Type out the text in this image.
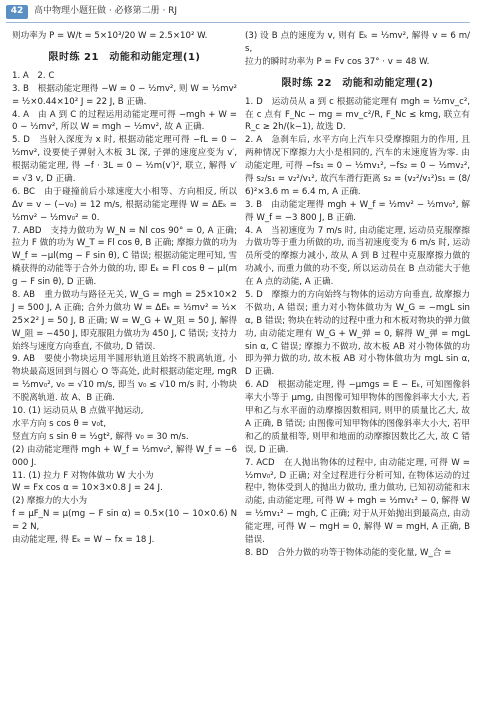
42	高中物理小题狂做 · 必修第二册 · RJ

则功率为 P = W/t = 5×10³/20 W = 2.5×10² W.

限时练 21　动能和动能定理(1)

1. A　2. C

3. B　根据动能定理得 −W = 0 − ½mv², 则 W = ½mv² = ½×0.44×10² J = 22 J, B 正确.

4. A　由 A 到 C 的过程运用动能定理可得 −mgh + W = 0 − ½mv², 所以 W = mgh − ½mv², 故 A 正确.

5. D　当射入深度为 x 时, 根据动能定理可得 −fL = 0 − ½mv², 设要使子弹射入木板 3L 深, 子弹的速度应变为 v′, 根据动能定理, 得 −f · 3L = 0 − ½m(v′)², 联立, 解得 v′ = √3 v, D 正确.

6. BC　由于碰撞前后小球速度大小相等、方向相反, 所以 Δv = v − (−v₀) = 12 m/s, 根据动能定理得 W = ΔEₖ = ½mv² − ½mv₀² = 0.

7. ABD　支持力做功为 W_N = Nl cos 90° = 0, A 正确; 拉力 F 做的功为 W_T = Fl cos θ, B 正确; 摩擦力做的功为 W_f = −μl(mg − F sin θ), C 错误; 根据动能定理可知, 雪橇获得的动能等于合外力做的功, 即 Eₖ = Fl cos θ − μl(mg − F sin θ), D 正确.

8. AB　重力做功与路径无关, W_G = mgh = 25×10×2 J = 500 J, A 正确; 合外力做功 W = ΔEₖ = ½mv² = ½×25×2² J = 50 J, B 正确; W = W_G + W_阻 = 50 J, 解得 W_阻 = −450 J, 即克服阻力做功为 450 J, C 错误; 支持力始终与速度方向垂直, 不做功, D 错误.

9. AB　要使小物块运用半圆形轨道且始终不脱离轨道, 小物块最高返回到与圆心 O 等高处, 此时根据动能定理, mgR = ½mv₀², v₀ = √10 m/s, 即当 v₀ ≤ √10 m/s 时, 小物块不脱离轨道. 故 A、B 正确.

10. (1) 运动员从 B 点做平抛运动,

水平方向 s cos θ = v₀t,

竖直方向 s sin θ = ½gt², 解得 v₀ = 30 m/s.

(2) 由动能定理得 mgh + W_f = ½mv₀², 解得 W_f = −6 000 J.

11. (1) 拉力 F 对物体做功 W 大小为

W = Fx cos α = 10×3×0.8 J = 24 J.

(2) 摩擦力的大小为

f = μF_N = μ(mg − F sin α) = 0.5×(10 − 10×0.6) N = 2 N,

由动能定理, 得 Eₖ = W − fx = 18 J.

(3) 设 B 点的速度为 v, 则有 Eₖ = ½mv², 解得 v = 6 m/s,

拉力的瞬时功率为 P = Fv cos 37° · v = 48 W.

限时练 22　动能和动能定理(2)

1. D　运动员从 a 到 c 根据动能定理有 mgh = ½mv_c², 在 c 点有 F_Nc − mg = mv_c²/R, F_Nc ≤ kmg, 联立有 R_c ≥ 2h/(k−1), 故选 D.

2. A　急刹车后, 水平方向上汽车只受摩擦阻力的作用, 且两种情况下摩擦力大小是相同的, 汽车的末速度皆为零. 由动能定理, 可得 −fs₁ = 0 − ½mv₁², −fs₂ = 0 − ½mv₂², 得 s₂/s₁ = v₂²/v₁², 故汽车滑行距离 s₂ = (v₂²/v₁²)s₁ = (8/6)²×3.6 m = 6.4 m, A 正确.

3. B　由动能定理得 mgh + W_f = ½mv² − ½mv₀², 解得 W_f = −3 800 J, B 正确.

4. A　当初速度为 7 m/s 时, 由动能定理, 运动员克服摩擦力做功等于重力所做的功, 而当初速度变为 6 m/s 时, 运动员所受的摩擦力减小, 故从 A 到 B 过程中克服摩擦力做的功减小, 而重力做的功不变, 所以运动员在 B 点动能大于他在 A 点的动能, A 正确.

5. D　摩擦力的方向始终与物体的运动方向垂直, 故摩擦力不做功, A 错误; 重力对小物体做功为 W_G = −mgL sin α, B 错误; 物块在转动的过程中重力和木板对物块的弹力做功, 由动能定理有 W_G + W_弹 = 0, 解得 W_弹 = mgL sin α, C 错误; 摩擦力不做功, 故木板 AB 对小物体做的功即为弹力做的功, 故木板 AB 对小物体做功为 mgL sin α, D 正确.

6. AD　根据动能定理, 得 −μmgs = E − Eₖ, 可知图像斜率大小等于 μmg, 由图像可知甲物体的图像斜率大小大, 若甲和乙与水平面的动摩擦因数相同, 则甲的质量比乙大, 故 A 正确, B 错误; 由图像可知甲物体的图像斜率大小大, 若甲和乙的质量相等, 则甲和地面的动摩擦因数比乙大, 故 C 错误, D 正确.

7. ACD　在人抛出物体的过程中, 由动能定理, 可得 W = ½mv₀², D 正确; 对全过程进行分析可知, 在物体运动的过程中, 物体受到人的抛出力做功, 重力做功, 已知初动能和末动能, 由动能定理, 可得 W + mgh = ½mv₁² − 0, 解得 W = ½mv₁² − mgh, C 正确; 对于从开始抛出到最高点, 由动能定理, 可得 W − mgH = 0, 解得 W = mgH, A 正确, B 错误.

8. BD　合外力做的功等于物体动能的变化量, W_合 =
